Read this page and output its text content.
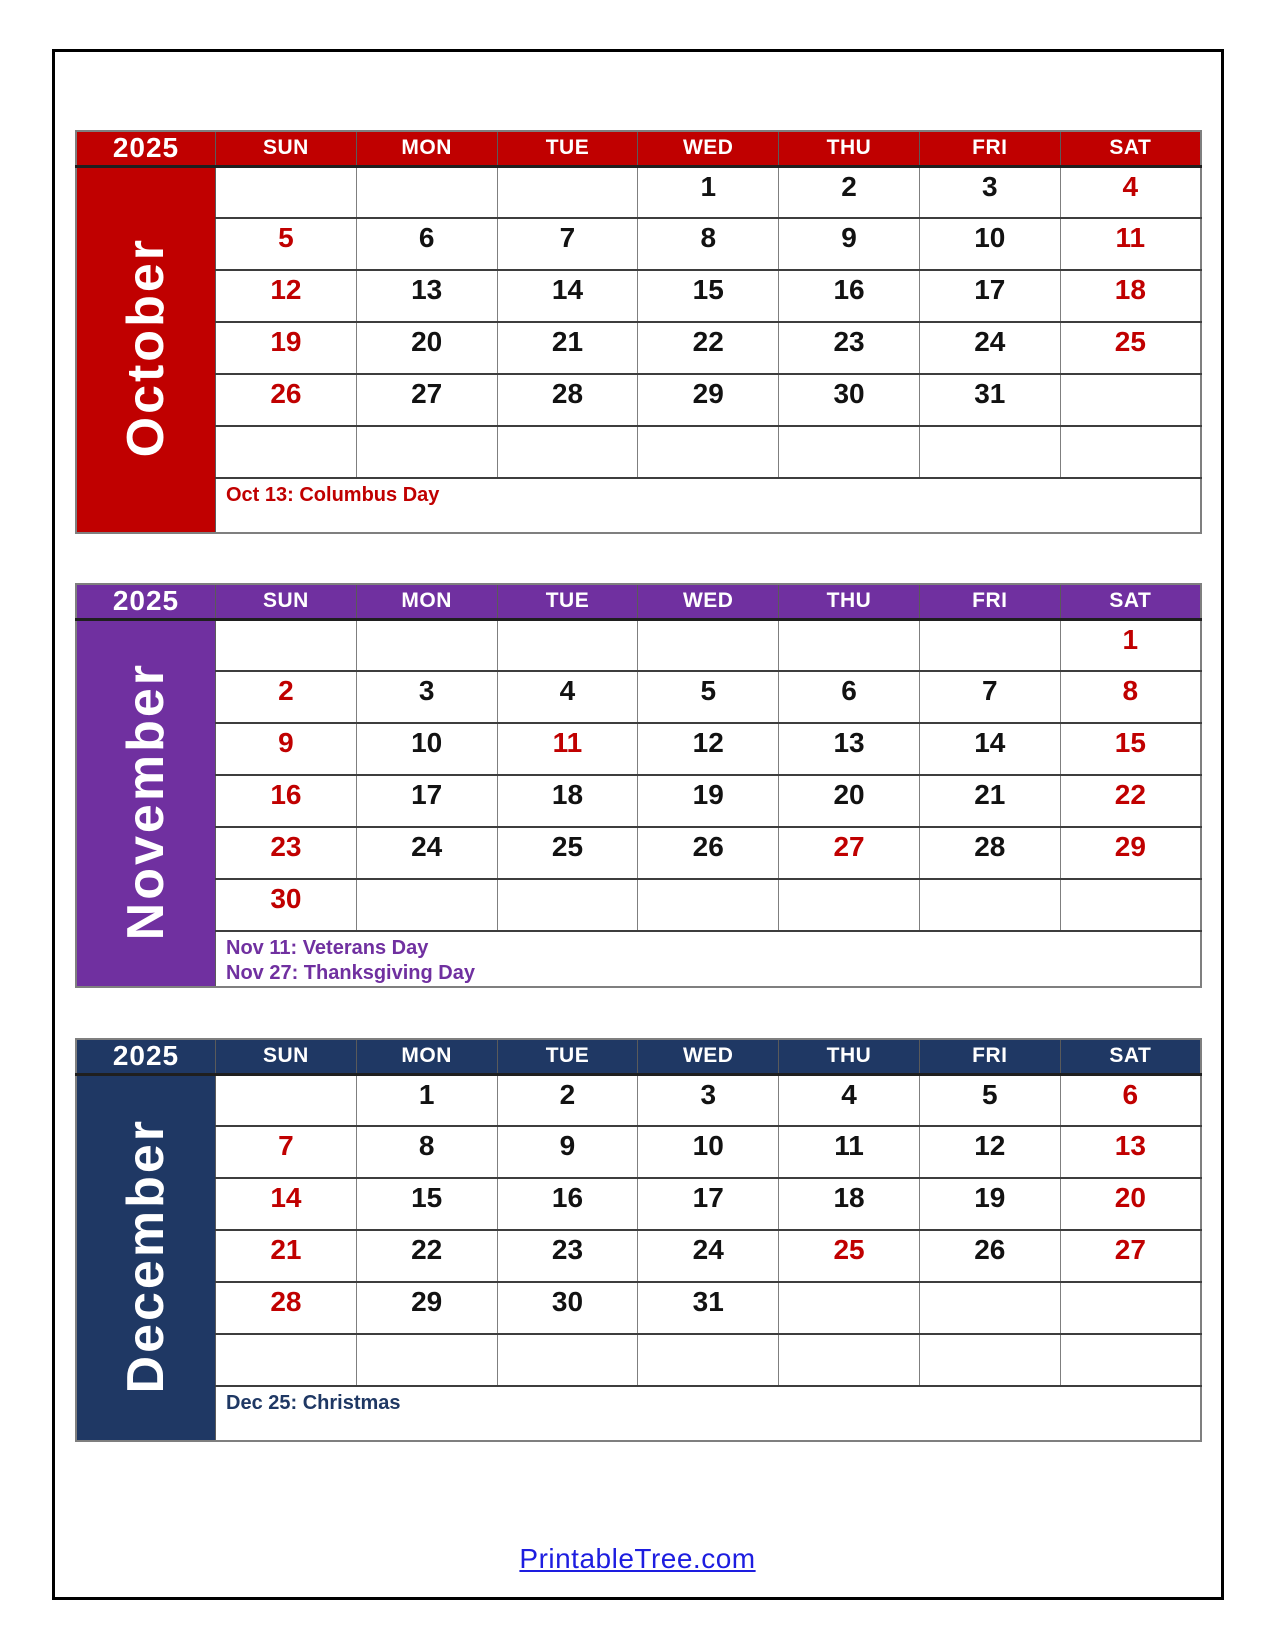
2025	SUN	MON	TUE	WED	THU	FRI	SAT
October				1	2	3	4
	5	6	7	8	9	10	11
	12	13	14	15	16	17	18
	19	20	21	22	23	24	25
	26	27	28	29	30	31	

	Oct 13: Columbus Day						
2025	SUN	MON	TUE	WED	THU	FRI	SAT
November							1
	2	3	4	5	6	7	8
	9	10	11	12	13	14	15
	16	17	18	19	20	21	22
	23	24	25	26	27	28	29
	30						

	Nov 11: Veterans Day
Nov 27: Thanksgiving Day						
2025	SUN	MON	TUE	WED	THU	FRI	SAT
December		1	2	3	4	5	6
	7	8	9	10	11	12	13
	14	15	16	17	18	19	20
	21	22	23	24	25	26	27
	28	29	30	31			

	Dec 25: Christmas						
PrintableTree.com
